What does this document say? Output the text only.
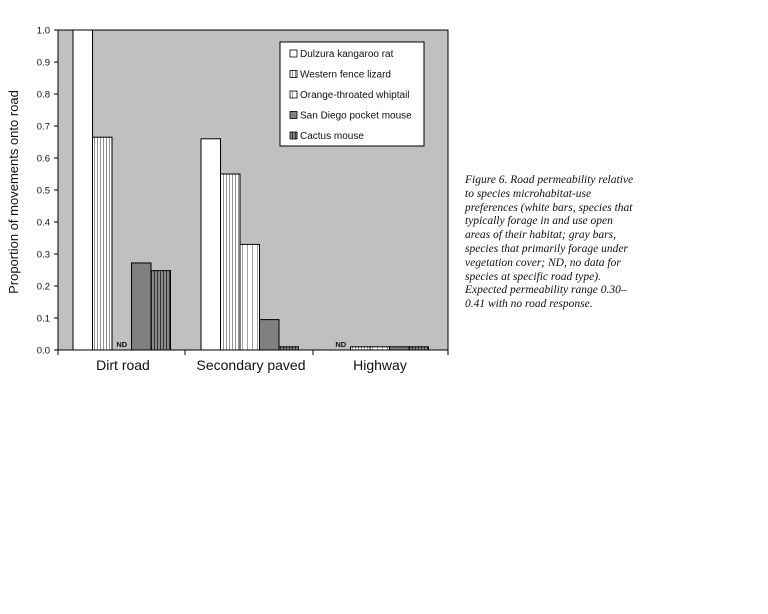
0.0
0.1
0.2
0.3
0.4
0.5
0.6
0.7
0.8
0.9
1.0
ND	ND
Dirt road	Secondary paved	Highway
Dulzura kangaroo rat
Western fence lizard
Orange-throated whiptail
San Diego pocket mouse
Cactus mouse
Proportion of movements onto road	Figure 6. Road permeability relative to species microhabitat-use preferences (white bars, species that typically forage in and use open areas of their habitat; gray bars, species that primarily forage under vegetation cover; ND, no data for species at specific road type). Expected permeability range 0.30–0.41 with no road response.
